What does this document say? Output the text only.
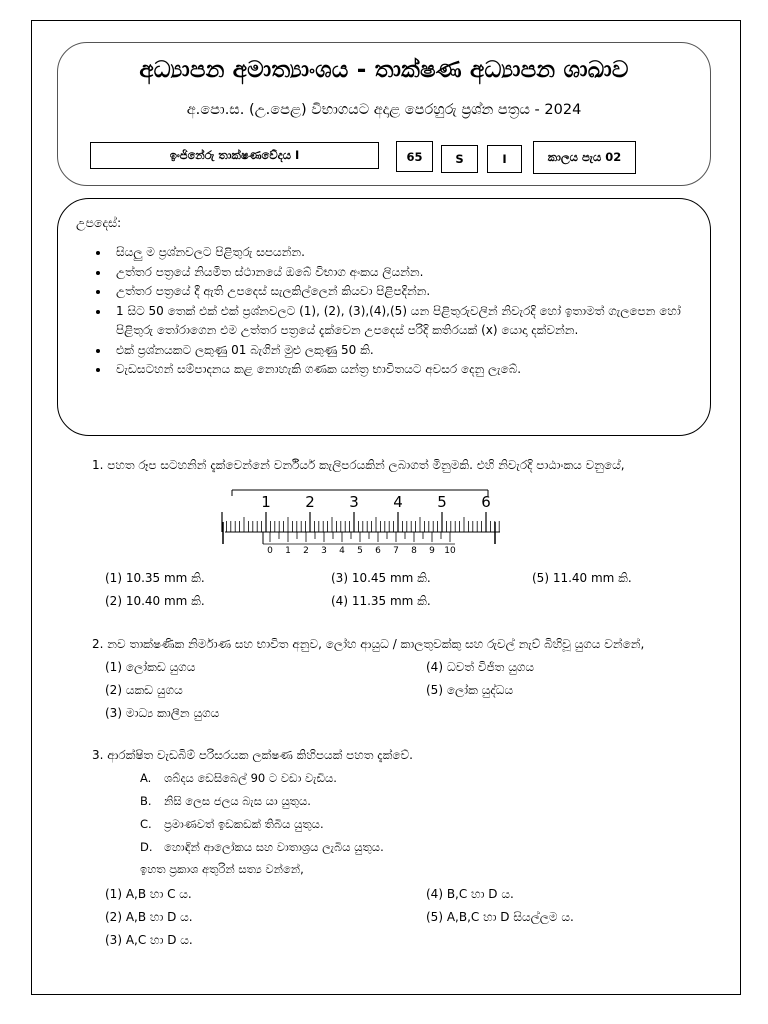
අධ්‍යාපන අමාත්‍යාංශය - තාක්ෂණ අධ්‍යාපන ශාඛාව
අ.පො.ස. (උ.පෙළ) විභාගයට අදාළ පෙරහුරු ප්‍රශ්න පත්‍රය - 2024
ඉංජිනේරු තාක්ෂණවේදය I	65	S	I	කාලය පැය 02
උපදෙස්:
• සියලු ම ප්‍රශ්නවලට පිළිතුරු සපයන්න.
• උත්තර පත්‍රයේ නියමිත ස්ථානයේ ඔබේ විභාග අංකය ලියන්න.
• උත්තර පත්‍රයේ දී ඇති උපදෙස් සැලකිල්ලෙන් කියවා පිළිපදින්න.
• 1 සිට 50 තෙක් එක් එක් ප්‍රශ්නවලට (1), (2), (3),(4),(5) යන පිළිතුරුවලින් නිවැරදි හෝ ඉතාමත් ගැලපෙන හෝ පිළිතුරු තෝරාගෙන එම උත්තර පත්‍රයේ දැක්වෙන උපදෙස් පරිදි කතිරයක් (x) යොදා දක්වන්න.
• එක් ප්‍රශ්නයකට ලකුණු 01 බැගින් මුළු ලකුණු 50 කි.
• වැඩසටහන් සම්පාදනය කළ නොහැකි ගණක යන්ත්‍ර භාවිතයට අවසර දෙනු ලැබේ.
1. පහත රූප සටහනින් දැක්වෙන්නේ වර්නියර් කැලිපරයකින් ලබාගත් මිනුමකි. එහි නිවැරදි පාඨාංකය වනුයේ,
1 2 3 4 5 6
0 1 2 3 4 5 6 7 8 9 10
(1) 10.35 mm කි.
(2) 10.40 mm කි.
(3) 10.45 mm කි.
(4) 11.35 mm කි.
(5) 11.40 mm කි.
2. නව තාක්ෂණික නිර්මාණ සහ භාවිත අනුව, ලෝහ ආයුධ / කාලතුවක්කු සහ රුවල් නැව් බිහිවූ යුගය වන්නේ,
(1) ලෝකඩ යුගය
(2) යකඩ යුගය
(3) මාධ්‍ය කාලීන යුගය
(4) ධවත් විජිත යුගය
(5) ලෝක යුද්ධය
3. ආරක්ෂිත වැඩබිම් පරිසරයක ලක්ෂණ කිහිපයක් පහත දැක්වේ.
A. ශබ්දය ඩෙසිබෙල් 90 ට වඩා වැඩිය.
B. නිසි ලෙස ජලය බැස යා යුතුය.
C. ප්‍රමාණවත් ඉඩකඩක් තිබිය යුතුය.
D. හොඳින් ආලෝකය සහ වාතාශ්‍රය ලැබිය යුතුය.
ඉහත ප්‍රකාශ අතුරින් සත්‍ය වන්නේ,
(1) A,B හා C ය.
(2) A,B හා D ය.
(3) A,C හා D ය.
(4) B,C හා D ය.
(5) A,B,C හා D සියල්ලම ය.
